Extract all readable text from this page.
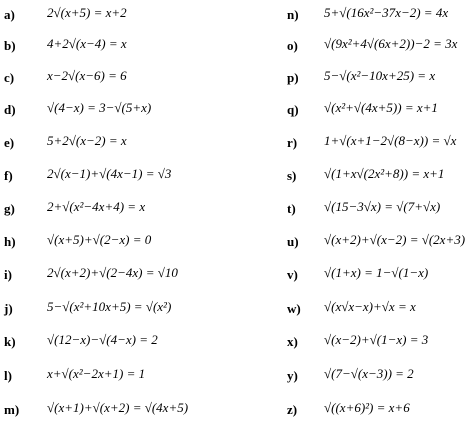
a) 2√(x+5) = x+2
b) 4+2√(x−4) = x
c)	x−2√(x−6) = 6
d) √(4−x) = 3−√(5+x)
e)	5+2√(x−2) = x
f)	2√(x−1)+√(4x−1) = √3
g) 2+√(x²−4x+4) = x
h) √(x+5)+√(2−x) = 0
i)	2√(x+2)+√(2−4x) = √10
j)	5−√(x²+10x+5) = √(x²)
k) √(12−x)−√(4−x) = 2
l)	x+√(x²−2x+1) = 1
m) √(x+1)+√(x+2) = √(4x+5)
n) 5+√(16x²−37x−2) = 4x
o) √(9x²+4√(6x+2))−2 = 3x
p) 5−√(x²−10x+25) = x
q) √(x²+√(4x+5)) = x+1
r) 1+√(x+1−2√(8−x)) = √x
s) √(1+x√(2x²+8)) = x+1
t) √(15−3√x) = √(7+√x)
u) √(x+2)+√(x−2) = √(2x+3)
v) √(1+x) = 1−√(1−x)
w) √(x√x−x)+√x = x
x) √(x−2)+√(1−x) = 3
y) √(7−√(x−3)) = 2
z) √((x+6)²) = x+6
